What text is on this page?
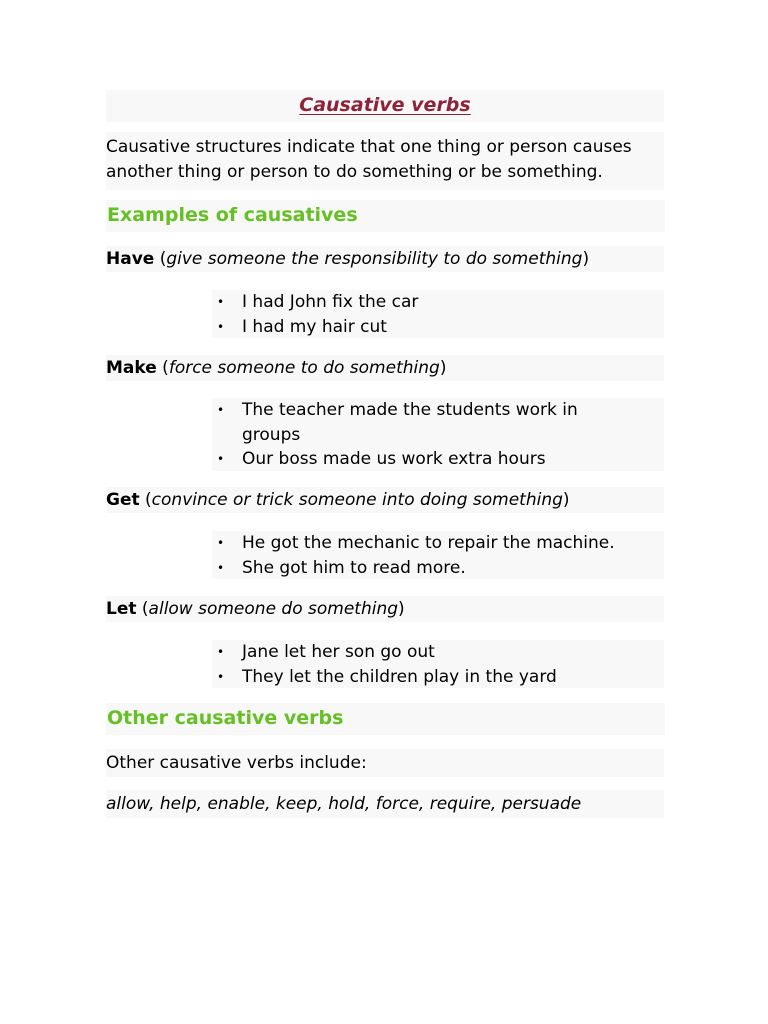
Causative verbs

Causative structures indicate that one thing or person causes another thing or person to do something or be something.

Examples of causatives

Have (give someone the responsibility to do something)

• I had John fix the car
• I had my hair cut

Make (force someone to do something)

• The teacher made the students work in groups
• Our boss made us work extra hours

Get (convince or trick someone into doing something)

• He got the mechanic to repair the machine.
• She got him to read more.

Let (allow someone do something)

• Jane let her son go out
• They let the children play in the yard
Other causative verbs

Other causative verbs include:

allow, help, enable, keep, hold, force, require, persuade
